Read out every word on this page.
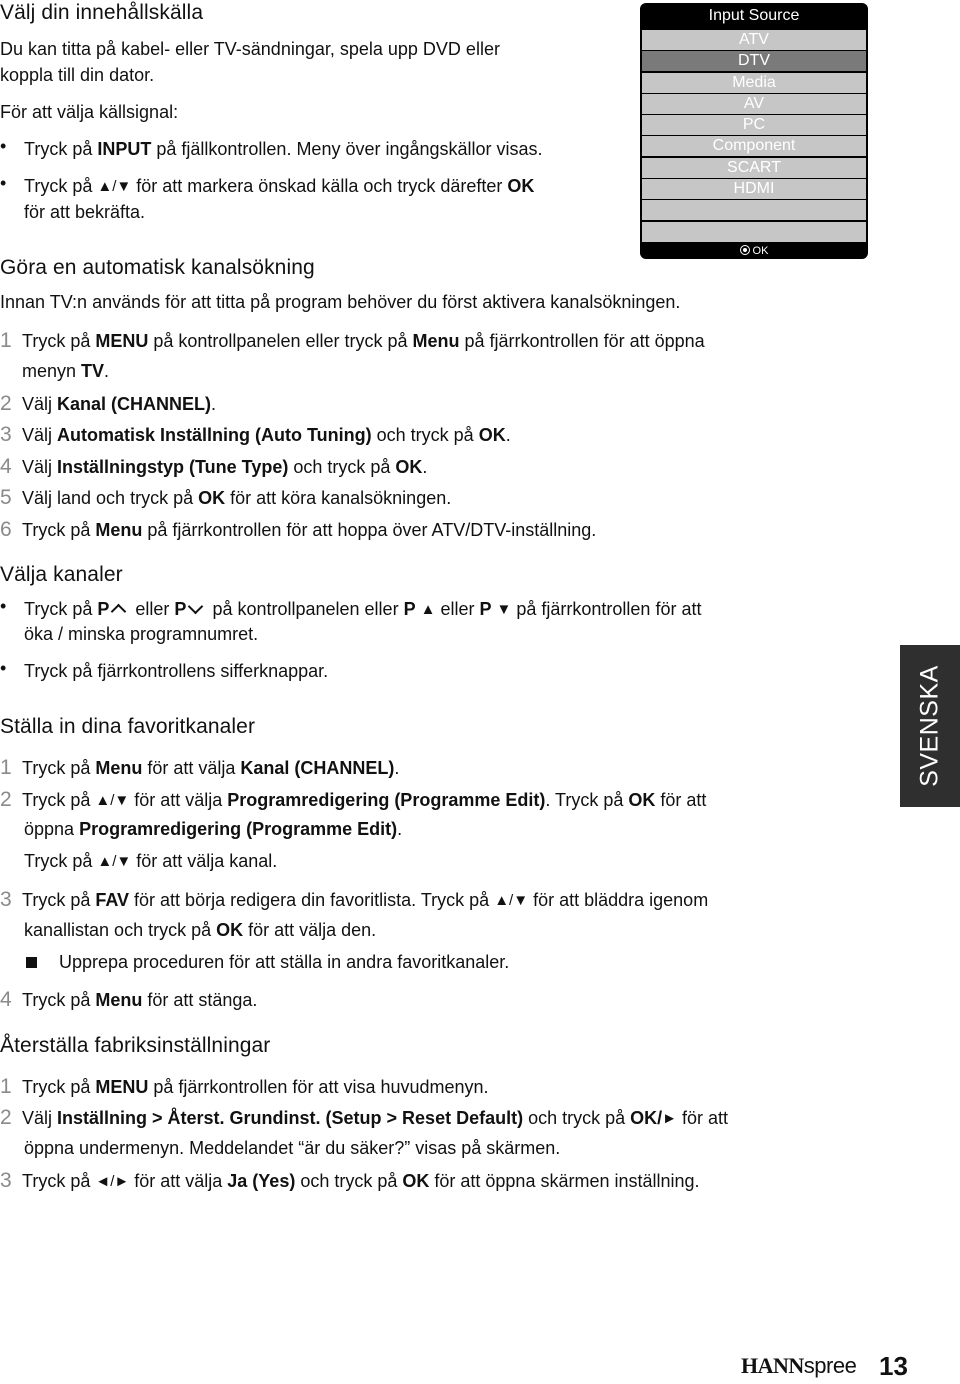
Välj din innehållskälla
Du kan titta på kabel- eller TV-sändningar, spela upp DVD eller
koppla till din dator.
För att välja källsignal:
• Tryck på INPUT på fjällkontrollen. Meny över ingångskällor visas.
• Tryck på ▲/▼ för att markera önskad källa och tryck därefter OK
för att bekräfta.
Input Source
ATV
DTV
Media
AV
PC
Component
SCART
HDMI
OK
Göra en automatisk kanalsökning
Innan TV:n används för att titta på program behöver du först aktivera kanalsökningen.
1 Tryck på MENU på kontrollpanelen eller tryck på Menu på fjärrkontrollen för att öppna
menyn TV.
2 Välj Kanal (CHANNEL).
3 Välj Automatisk Inställning (Auto Tuning) och tryck på OK.
4 Välj Inställningstyp (Tune Type) och tryck på OK.
5 Välj land och tryck på OK för att köra kanalsökningen.
6 Tryck på Menu på fjärrkontrollen för att hoppa över ATV/DTV-inställning.
Välja kanaler
• Tryck på P eller P på kontrollpanelen eller P ▲ eller P ▼ på fjärrkontrollen för att
öka / minska programnumret.
• Tryck på fjärrkontrollens sifferknappar.
Ställa in dina favoritkanaler
1 Tryck på Menu för att välja Kanal (CHANNEL).
2 Tryck på ▲/▼ för att välja Programredigering (Programme Edit). Tryck på OK för att
öppna Programredigering (Programme Edit).
Tryck på ▲/▼ för att välja kanal.
3 Tryck på FAV för att börja redigera din favoritlista. Tryck på ▲/▼ för att bläddra igenom
kanallistan och tryck på OK för att välja den.
Upprepa proceduren för att ställa in andra favoritkanaler.
4 Tryck på Menu för att stänga.
Återställa fabriksinställningar
1 Tryck på MENU på fjärrkontrollen för att visa huvudmenyn.
2 Välj Inställning > Återst. Grundinst. (Setup > Reset Default) och tryck på OK/► för att
öppna undermenyn. Meddelandet “är du säker?” visas på skärmen.
3 Tryck på ◄/► för att välja Ja (Yes) och tryck på OK för att öppna skärmen inställning.
SVENSKA
HANNspree 13
